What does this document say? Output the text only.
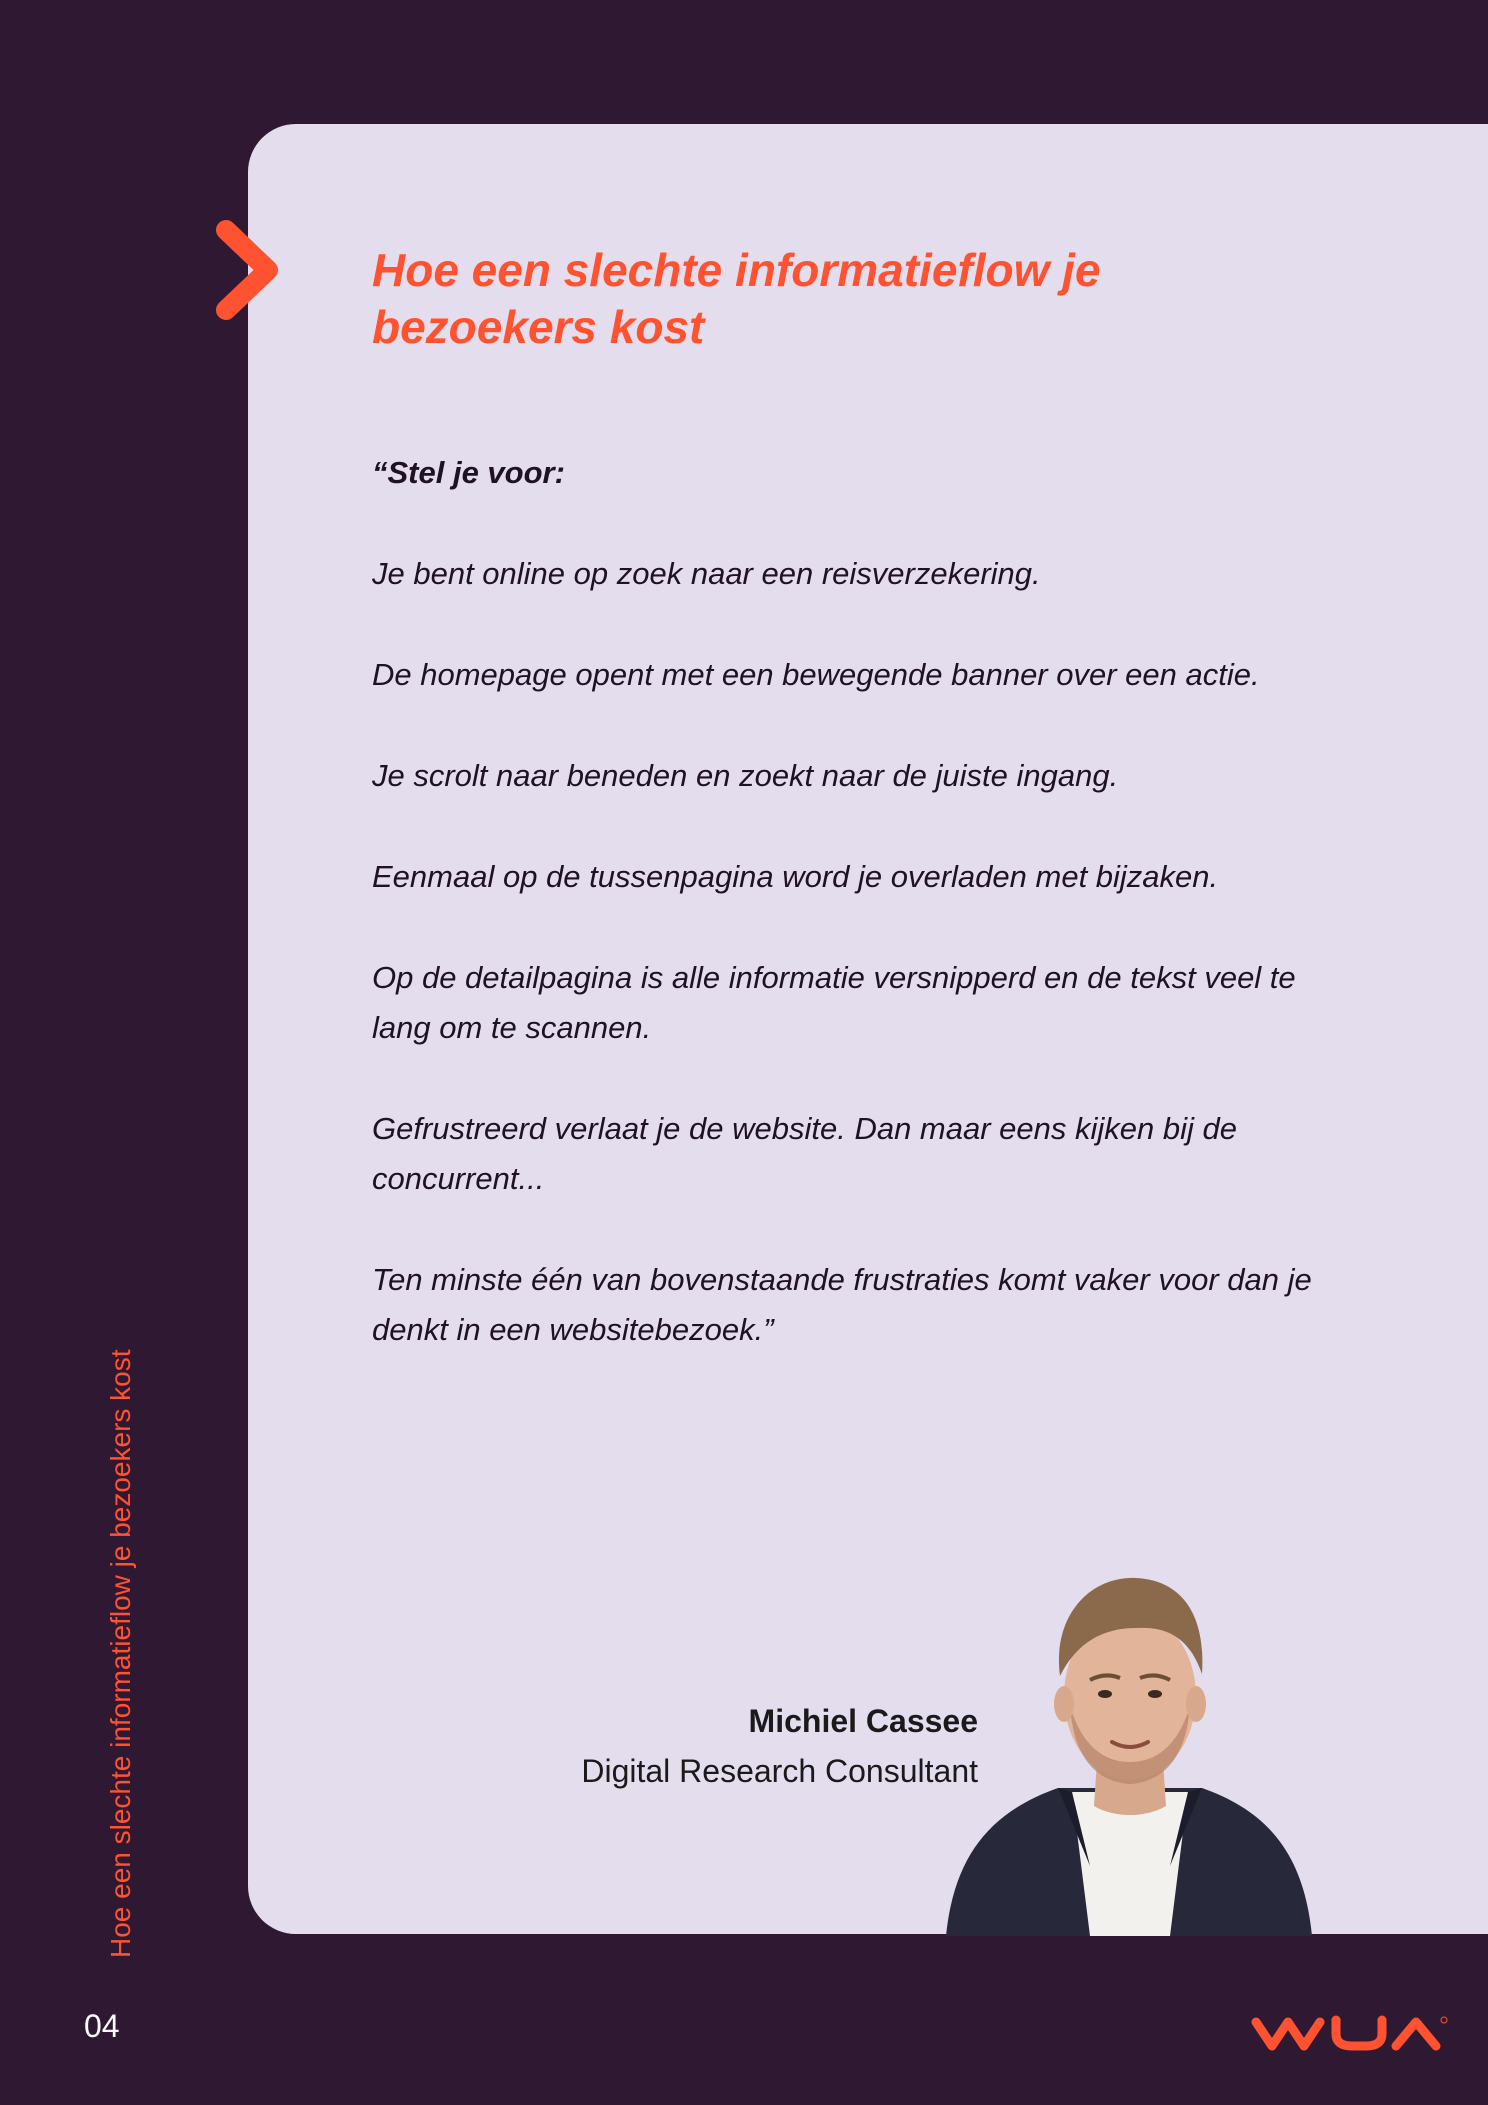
Hoe een slechte informatieflow je bezoekers kost

“Stel je voor:

Je bent online op zoek naar een reisverzekering.

De homepage opent met een bewegende banner over een actie.

Je scrolt naar beneden en zoekt naar de juiste ingang.

Eenmaal op de tussenpagina word je overladen met bijzaken.

Op de detailpagina is alle informatie versnipperd en de tekst veel te lang om te scannen.

Gefrustreerd verlaat je de website. Dan maar eens kijken bij de concurrent...

Ten minste één van bovenstaande frustraties komt vaker voor dan je denkt in een websitebezoek.”

Michiel Cassee
Digital Research Consultant
Hoe een slechte informatieflow je bezoekers kost
04
